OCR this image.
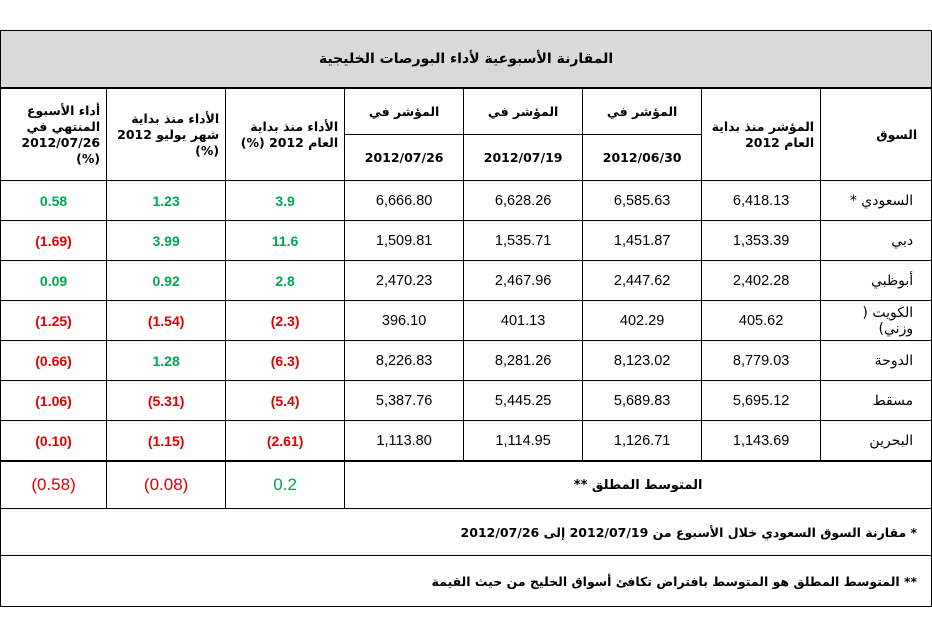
المقارنة الأسبوعية لأداء البورصات الخليجية							
السوق	المؤشر منذ بداية العام 2012	المؤشر في	المؤشر في	المؤشر في	الأداء منذ بداية العام 2012 (%)	الأداء منذ بداية شهر يوليو 2012 (%)	أداء الأسبوع المنتهي في 2012/07/26 (%)
		2012/06/30	2012/07/19	2012/07/26			
السعودي *	6,418.13	6,585.63	6,628.26	6,666.80	3.9	1.23	0.58
دبي	1,353.39	1,451.87	1,535.71	1,509.81	11.6	3.99	(1.69)
أبوظبي	2,402.28	2,447.62	2,467.96	2,470.23	2.8	0.92	0.09
الكويت ( وزني)	405.62	402.29	401.13	396.10	(2.3)	(1.54)	(1.25)
الدوحة	8,779.03	8,123.02	8,281.26	8,226.83	(6.3)	1.28	(0.66)
مسقط	5,695.12	5,689.83	5,445.25	5,387.76	(5.4)	(5.31)	(1.06)
البحرين	1,143.69	1,126.71	1,114.95	1,113.80	(2.61)	(1.15)	(0.10)
المتوسط المطلق **					0.2	(0.08)	(0.58)
* مقارنة السوق السعودي خلال الأسبوع من 2012/07/19 إلى 2012/07/26							
** المتوسط المطلق هو المتوسط بافتراض تكافئ أسواق الخليج من حيث القيمة							
